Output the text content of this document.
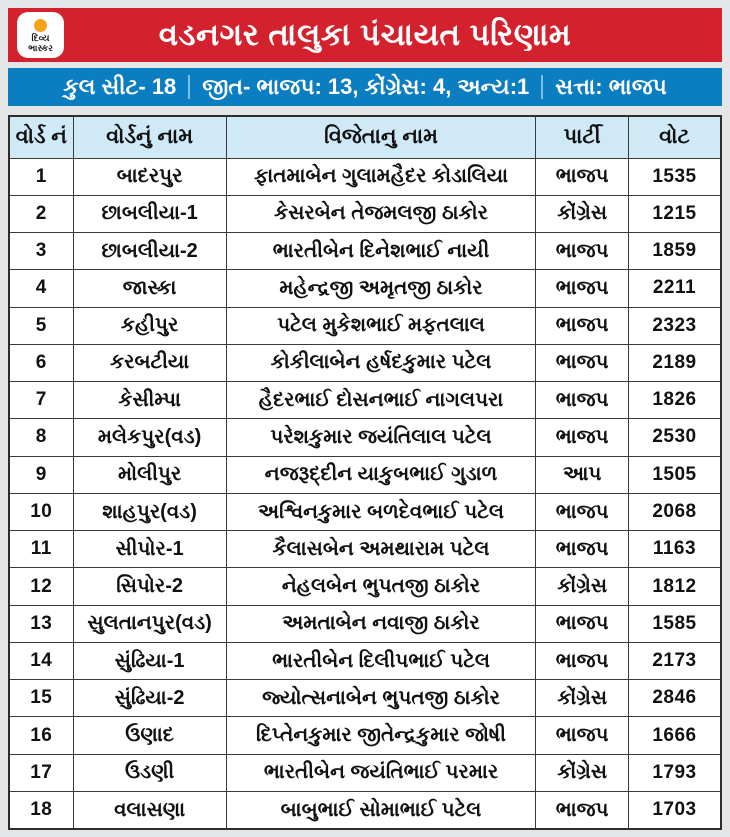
દિવ્ય
ભાસ્કર	વડનગર તાલુકા પંચાયત પરિણામ
કુલ સીટ- 18 જીત- ભાજપ: 13, કોંગ્રેસ: 4, અન્ય:1 સત્તા: ભાજપ
વોર્ડ નં	વોર્ડનું નામ	વિજેતાનુ નામ	પાર્ટી	વોટ
1	બાદરપુર	ફાતમાબેન ગુલામહૈદર કોડાલિયા	ભાજપ	1535
2	છાબલીયા-1	કેસરબેન તેજમલજી ઠાકોર	કોંગ્રેસ	1215
3	છાબલીયા-2	ભારતીબેન દિનેશભાઈ નાયી	ભાજપ	1859
4	જાસ્કા	મહેન્દ્રજી અમૃતજી ઠાકોર	ભાજપ	2211
5	કહીપુર	પટેલ મુકેશભાઈ મફતલાલ	ભાજપ	2323
6	કરબટીયા	કોકીલાબેન હર્ષદકુમાર પટેલ	ભાજપ	2189
7	કેસીમ્પા	હૈદરભાઈ દોસનભાઈ નાગલપરા	ભાજપ	1826
8	મલેકપુર(વડ)	પરેશકુમાર જયંતિલાલ પટેલ	ભાજપ	2530
9	મોલીપુર	નજરૂદ્દીન યાકુબભાઈ ગુડાળ	આપ	1505
10	શાહપુર(વડ)	અશ્વિનકુમાર બળદેવભાઈ પટેલ	ભાજપ	2068
11	સીપોર-1	કૈલાસબેન અમથારામ પટેલ	ભાજપ	1163
12	સિપોર-2	નેહલબેન ભુપતજી ઠાકોર	કોંગ્રેસ	1812
13	સુલતાનપુર(વડ)	અમતાબેન નવાજી ઠાકોર	ભાજપ	1585
14	સુંઢિયા-1	ભારતીબેન દિલીપભાઈ પટેલ	ભાજપ	2173
15	સુંઢિયા-2	જ્યોત્સનાબેન ભુપતજી ઠાકોર	કોંગ્રેસ	2846
16	ઉણાદ	દિપ્તેનકુમાર જીતેન્દ્રકુમાર જોષી	ભાજપ	1666
17	ઉડણી	ભારતીબેન જયંતિભાઈ પરમાર	કોંગ્રેસ	1793
18	વલાસણા	બાબુભાઈ સોમાભાઈ પટેલ	ભાજપ	1703
